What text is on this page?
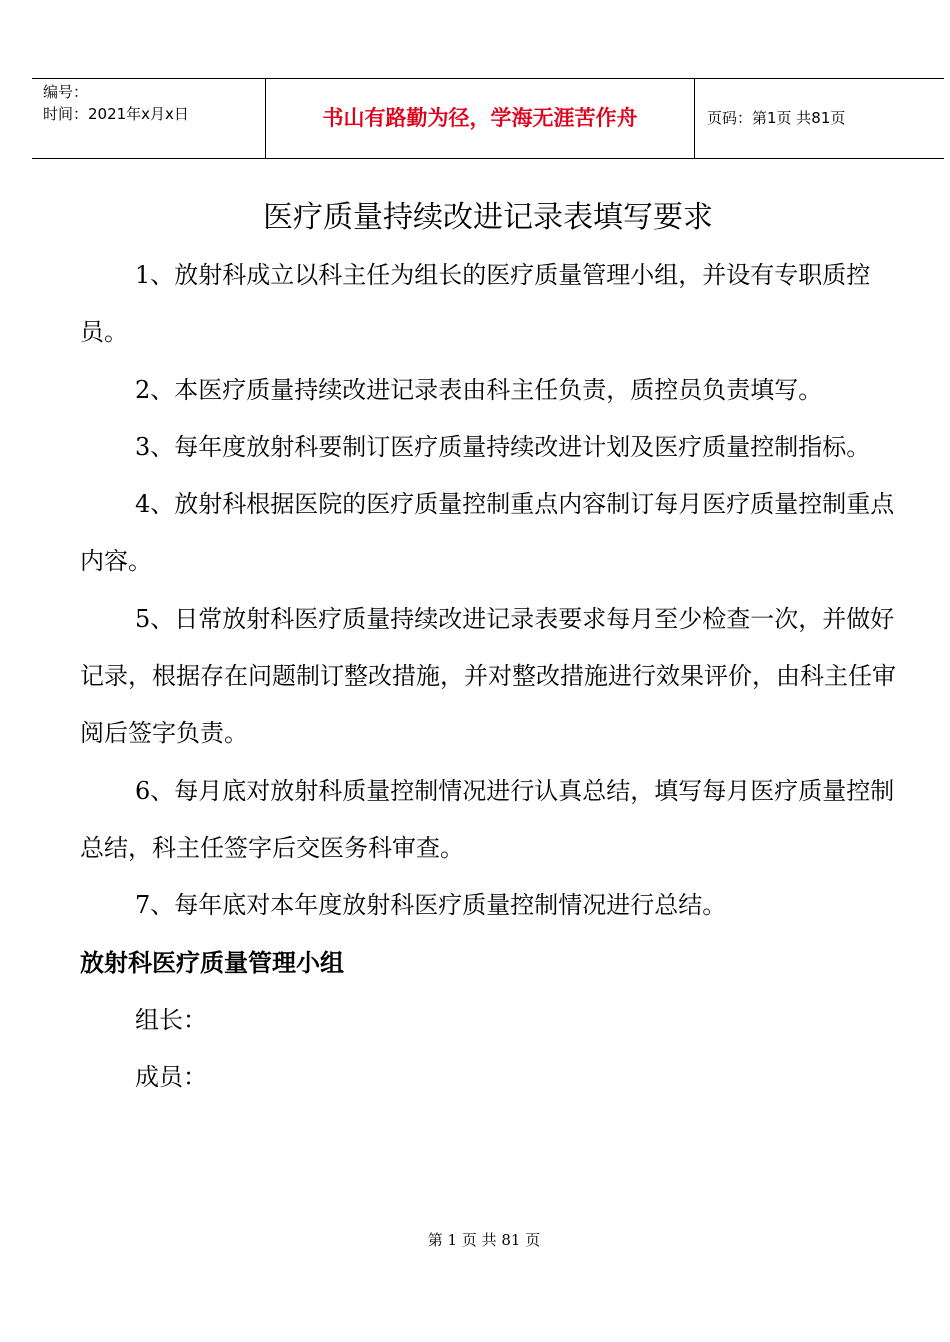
编号：
时间：2021年x月x日	书山有路勤为径，学海无涯苦作舟	页码：第1页 共81页
医疗质量持续改进记录表填写要求

1、放射科成立以科主任为组长的医疗质量管理小组，并设有专职质控员。

2、本医疗质量持续改进记录表由科主任负责，质控员负责填写。

3、每年度放射科要制订医疗质量持续改进计划及医疗质量控制指标。

4、放射科根据医院的医疗质量控制重点内容制订每月医疗质量控制重点内容。

5、日常放射科医疗质量持续改进记录表要求每月至少检查一次，并做好记录，根据存在问题制订整改措施，并对整改措施进行效果评价，由科主任审阅后签字负责。

6、每月底对放射科质量控制情况进行认真总结，填写每月医疗质量控制总结，科主任签字后交医务科审查。

7、每年底对本年度放射科医疗质量控制情况进行总结。

放射科医疗质量管理小组

组长：

成员：

第 1 页 共 81 页
